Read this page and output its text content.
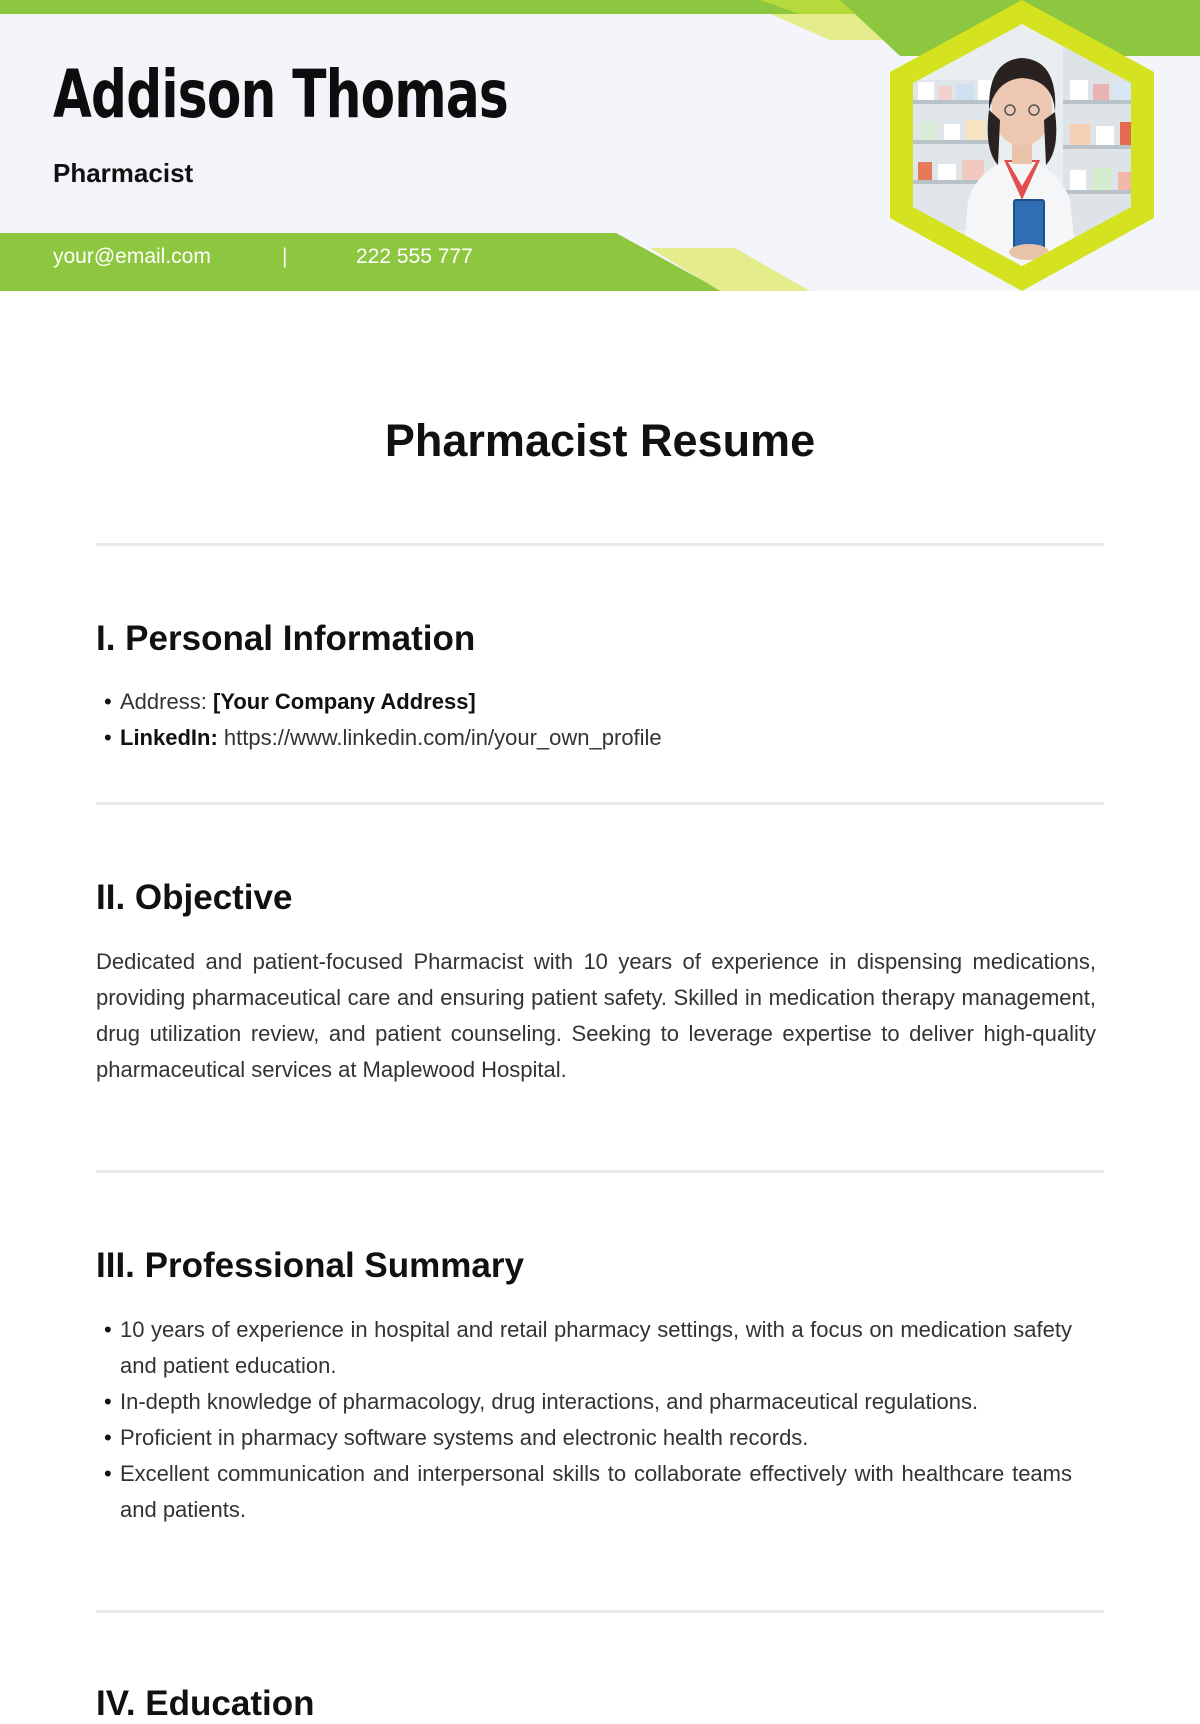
Addison Thomas
Pharmacist
your@email.com	|	222 555 777
Pharmacist Resume
I. Personal Information
• Address: [Your Company Address]
• LinkedIn: https://www.linkedin.com/in/your_own_profile
II. Objective

Dedicated and patient-focused Pharmacist with 10 years of experience in dispensing medications, providing pharmaceutical care and ensuring patient safety. Skilled in medication therapy management, drug utilization review, and patient counseling. Seeking to leverage expertise to deliver high-quality pharmaceutical services at Maplewood Hospital.

III. Professional Summary
• 10 years of experience in hospital and retail pharmacy settings, with a focus on medication safety and patient education.
• In-depth knowledge of pharmacology, drug interactions, and pharmaceutical regulations.
• Proficient in pharmacy software systems and electronic health records.
• Excellent communication and interpersonal skills to collaborate effectively with healthcare teams and patients.
IV. Education
